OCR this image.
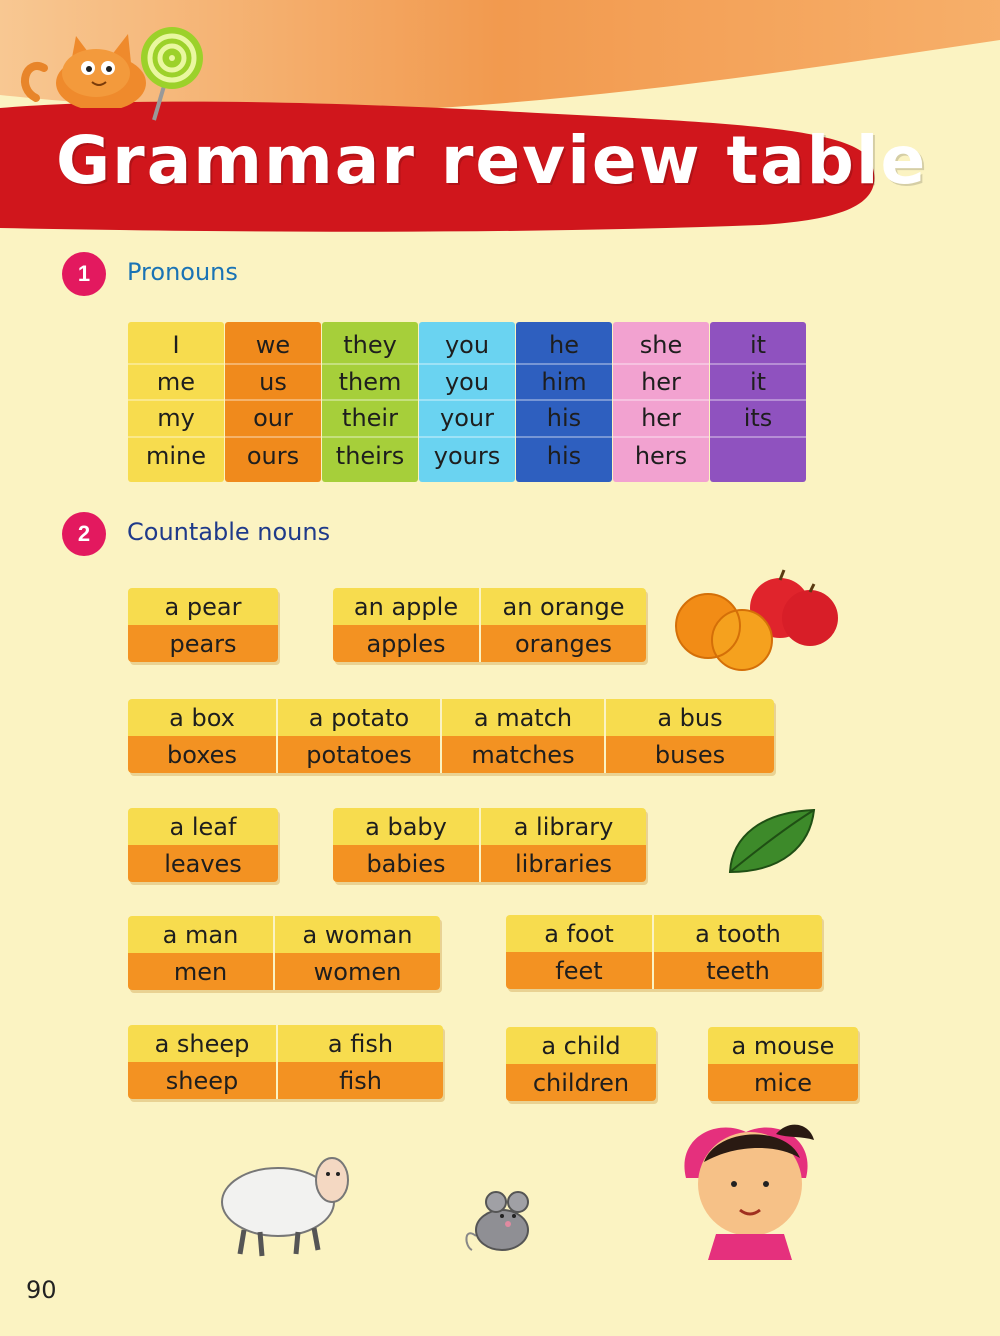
Grammar review table
1	Pronouns
I
me
my
mine
we
us
our
ours
they
them
their
theirs
you
you
your
yours
he
him
his
his
she
her
her
hers
it
it
its
2	Countable nouns
a pear
pears
an apple
apples
an orange
oranges
a box
boxes
a potato
potatoes
a match
matches
a bus
buses
a leaf
leaves
a baby
babies
a library
libraries
a man
men
a woman
women
a foot
feet
a tooth
teeth
a sheep
sheep
a fish
fish
a child
children
a mouse
mice
90
